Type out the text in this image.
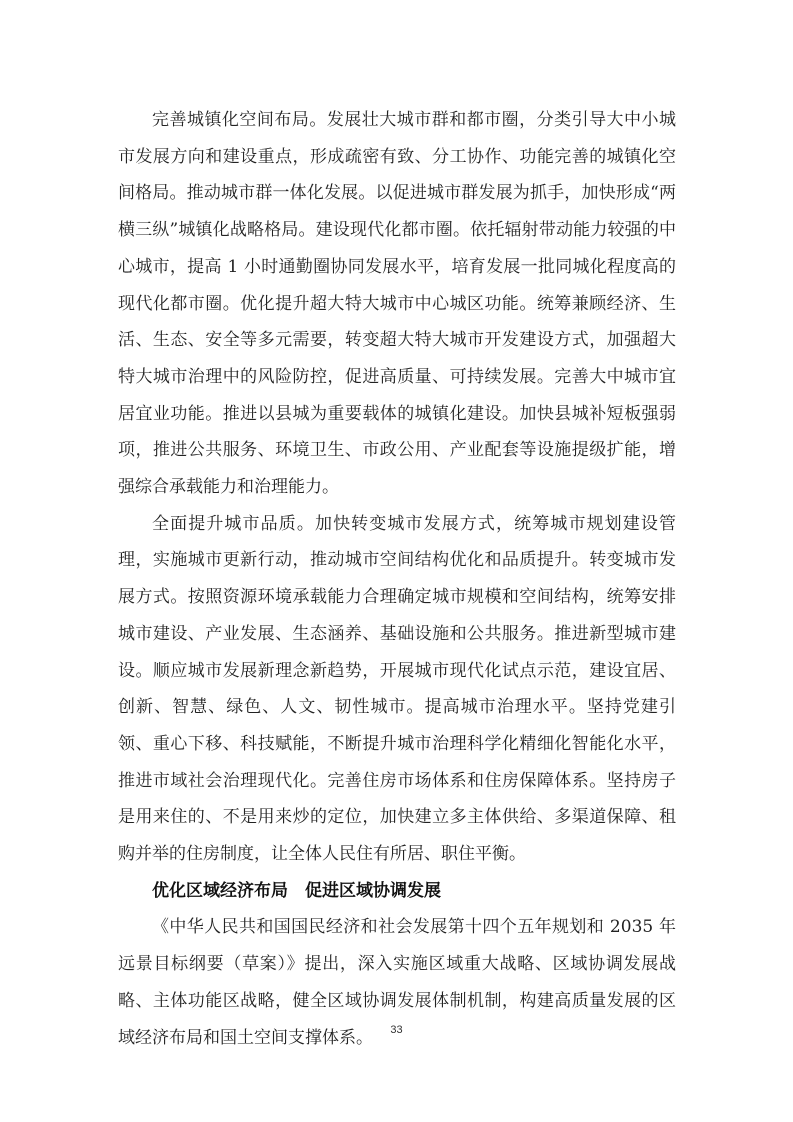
完善城镇化空间布局。发展壮大城市群和都市圈，分类引导大中小城市发展方向和建设重点，形成疏密有致、分工协作、功能完善的城镇化空间格局。推动城市群一体化发展。以促进城市群发展为抓手，加快形成“两横三纵”城镇化战略格局。建设现代化都市圈。依托辐射带动能力较强的中心城市，提高 1 小时通勤圈协同发展水平，培育发展一批同城化程度高的现代化都市圈。优化提升超大特大城市中心城区功能。统筹兼顾经济、生活、生态、安全等多元需要，转变超大特大城市开发建设方式，加强超大特大城市治理中的风险防控，促进高质量、可持续发展。完善大中城市宜居宜业功能。推进以县城为重要载体的城镇化建设。加快县城补短板强弱项，推进公共服务、环境卫生、市政公用、产业配套等设施提级扩能，增强综合承载能力和治理能力。

全面提升城市品质。加快转变城市发展方式，统筹城市规划建设管理，实施城市更新行动，推动城市空间结构优化和品质提升。转变城市发展方式。按照资源环境承载能力合理确定城市规模和空间结构，统筹安排城市建设、产业发展、生态涵养、基础设施和公共服务。推进新型城市建设。顺应城市发展新理念新趋势，开展城市现代化试点示范，建设宜居、创新、智慧、绿色、人文、韧性城市。提高城市治理水平。坚持党建引领、重心下移、科技赋能，不断提升城市治理科学化精细化智能化水平，推进市域社会治理现代化。完善住房市场体系和住房保障体系。坚持房子是用来住的、不是用来炒的定位，加快建立多主体供给、多渠道保障、租购并举的住房制度，让全体人民住有所居、职住平衡。

优化区域经济布局　促进区域协调发展

《中华人民共和国国民经济和社会发展第十四个五年规划和 2035 年远景目标纲要（草案）》提出，深入实施区域重大战略、区域协调发展战略、主体功能区战略，健全区域协调发展体制机制，构建高质量发展的区域经济布局和国土空间支撑体系。	33
